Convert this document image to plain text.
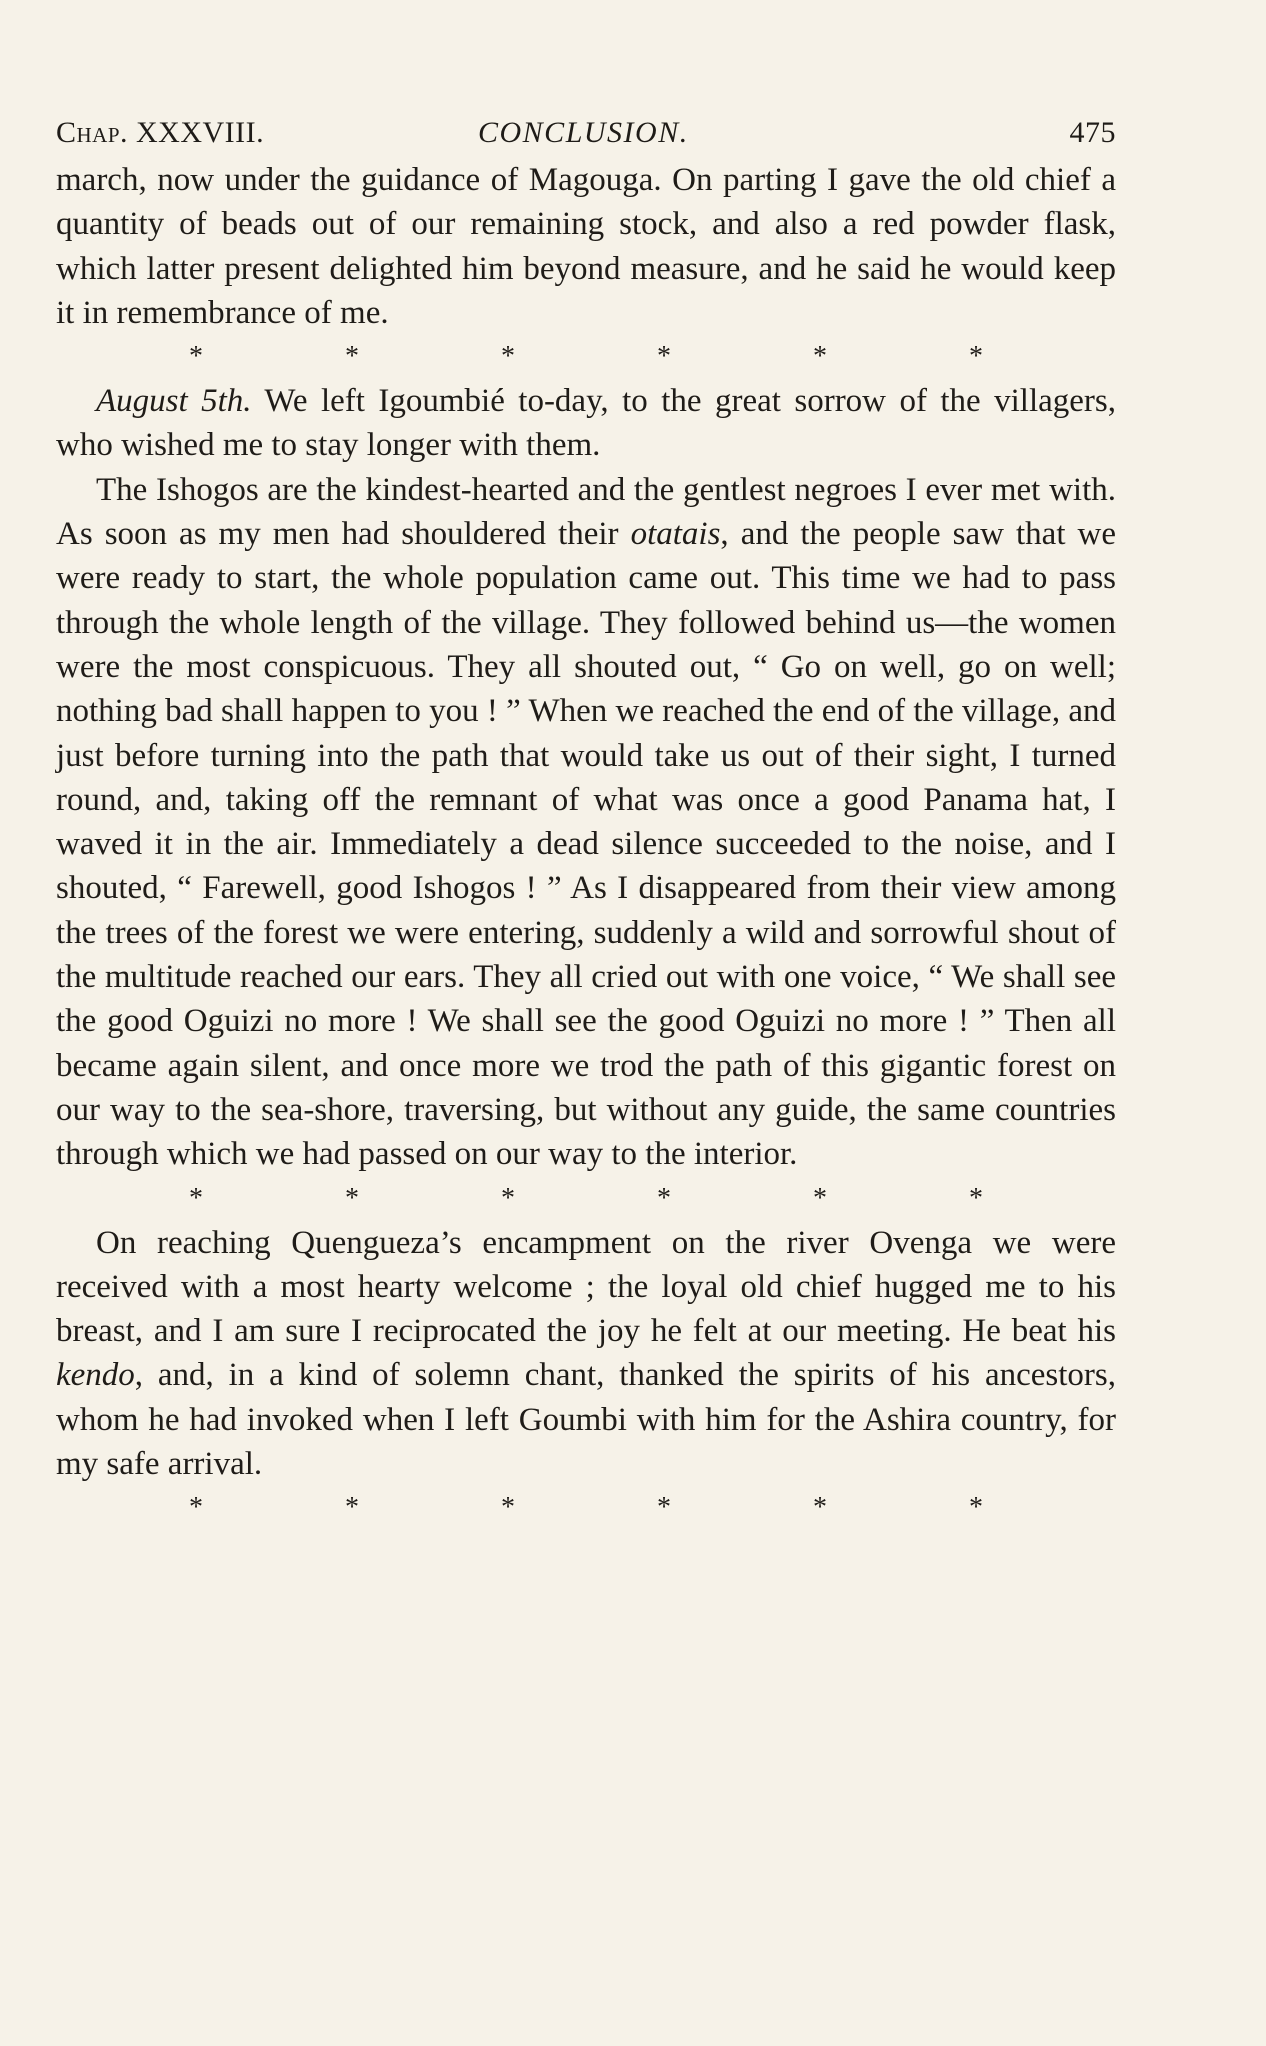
Chap. XXXVIII.	CONCLUSION.	475

march, now under the guidance of Magouga. On parting I gave the old chief a quantity of beads out of our remaining stock, and also a red powder flask, which latter present delighted him beyond measure, and he said he would keep it in remembrance of me.

*	*	*	*	*	*

August 5th. We left Igoumbié to-day, to the great sorrow of the villagers, who wished me to stay longer with them.

The Ishogos are the kindest-hearted and the gentlest negroes I ever met with. As soon as my men had shouldered their otatais, and the people saw that we were ready to start, the whole population came out. This time we had to pass through the whole length of the village. They followed behind us—the women were the most conspicuous. They all shouted out, “ Go on well, go on well; nothing bad shall happen to you ! ” When we reached the end of the village, and just before turning into the path that would take us out of their sight, I turned round, and, taking off the remnant of what was once a good Panama hat, I waved it in the air. Immediately a dead silence succeeded to the noise, and I shouted, “ Farewell, good Ishogos ! ” As I disappeared from their view among the trees of the forest we were entering, suddenly a wild and sorrowful shout of the multitude reached our ears. They all cried out with one voice, “ We shall see the good Oguizi no more ! We shall see the good Oguizi no more ! ” Then all became again silent, and once more we trod the path of this gigantic forest on our way to the sea-shore, traversing, but without any guide, the same countries through which we had passed on our way to the interior.

*	*	*	*	*	*

On reaching Quengueza’s encampment on the river Ovenga we were received with a most hearty welcome ; the loyal old chief hugged me to his breast, and I am sure I reciprocated the joy he felt at our meeting. He beat his kendo, and, in a kind of solemn chant, thanked the spirits of his ancestors, whom he had invoked when I left Goumbi with him for the Ashira country, for my safe arrival.

*	*	*	*	*	*
